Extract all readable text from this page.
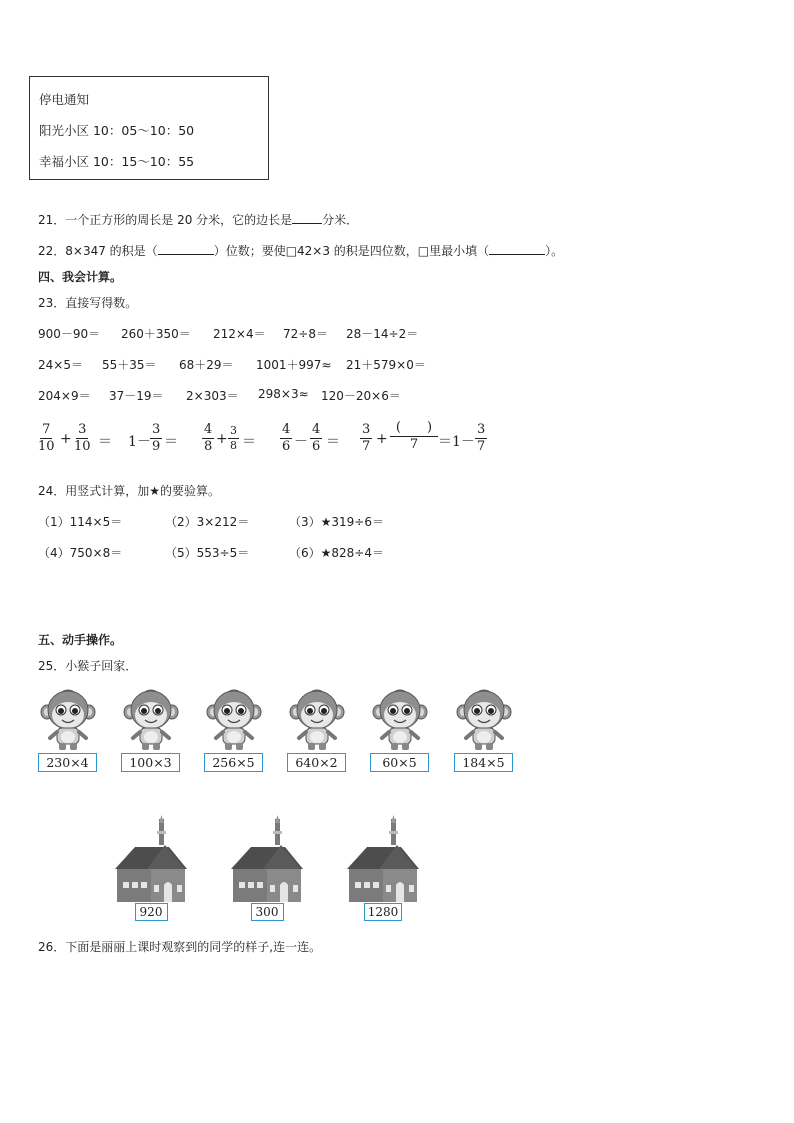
停电通知
阳光小区 10：05～10：50
幸福小区 10：15～10：55
21．一个正方形的周长是 20 分米，它的边长是	分米．
22．8×347 的积是（	）位数；要使□42×3 的积是四位数，□里最小填（	）。
四、我会计算。
23．直接写得数。
900－90＝ 260＋350＝ 212×4＝ 72÷8＝ 28－14÷2＝
24×5＝ 55＋35＝ 68＋29＝ 1001＋997≈ 21＋579×0＝
204×9＝ 37－19＝ 2×303＝ 298×3≈ 120－20×6＝
$\frac{7}{10} + \frac{3}{10} = 1- \frac{3}{9} = \frac{4}{8} + \frac{3}{8} = \frac{4}{6} - \frac{4}{6} = \frac{3}{7}$ +
(　　)
$7 =1- \frac{3}{7}$
24．用竖式计算，加★的要验算。
（1）114×5＝	（2）3×212＝	（3）★319÷6＝
（4）750×8＝	（5）553÷5＝	（6）★828÷4＝
五、动手操作。
25．小猴子回家．
230×4	100×3	256×5	640×2	60×5	184×5
920	300	1280
26．下面是丽丽上课时观察到的同学的样子,连一连。
